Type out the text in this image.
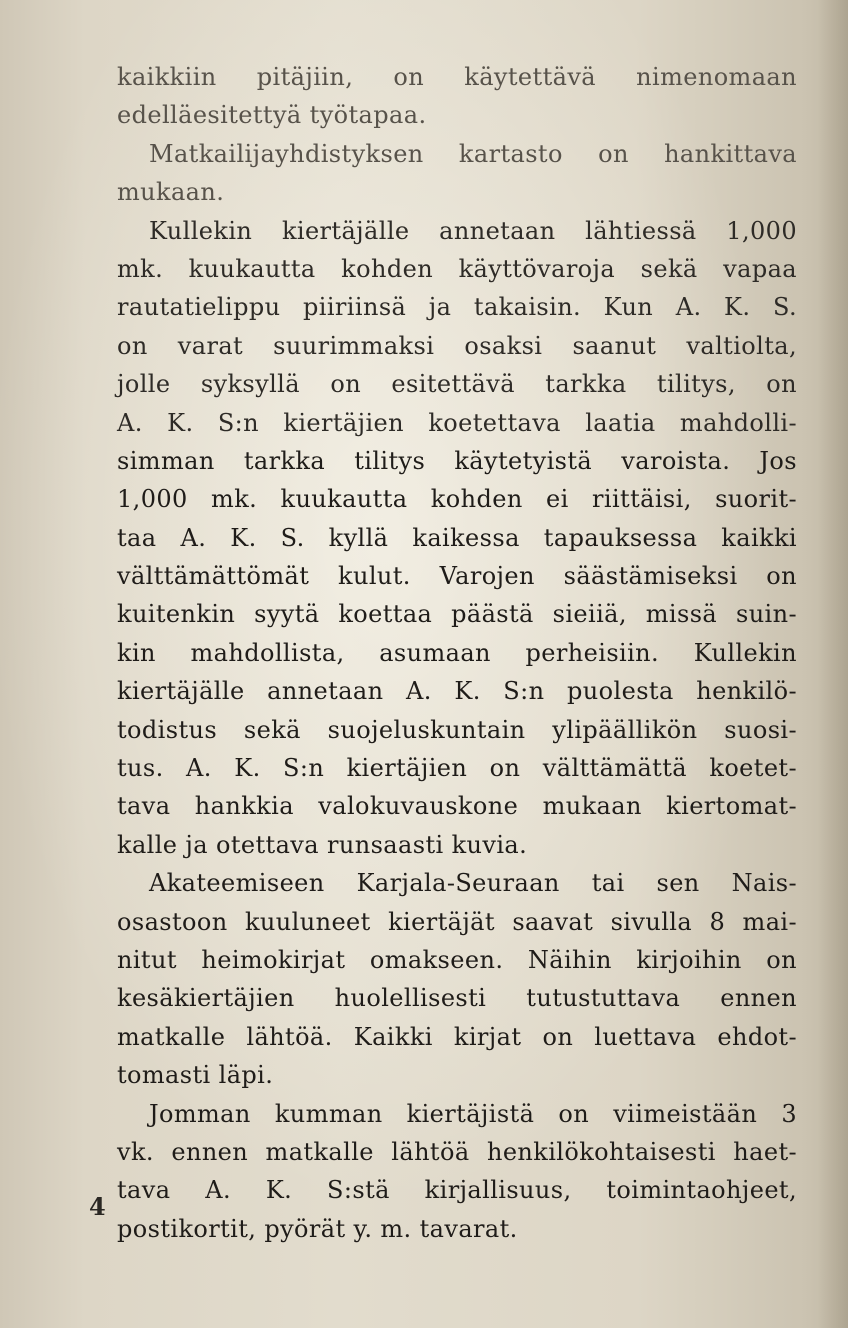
kaikkiin pitäjiin, on käytettävä nimenomaan
edelläesitettyä työtapaa.
Matkailijayhdistyksen kartasto on hankittava
mukaan.
Kullekin kiertäjälle annetaan lähtiessä 1,000
mk. kuukautta kohden käyttövaroja sekä vapaa
rautatielippu piiriinsä ja takaisin. Kun A. K. S.
on varat suurimmaksi osaksi saanut valtiolta,
jolle syksyllä on esitettävä tarkka tilitys, on
A. K. S:n kiertäjien koetettava laatia mahdolli-
simman tarkka tilitys käytetyistä varoista. Jos
1,000 mk. kuukautta kohden ei riittäisi, suorit-
taa A. K. S. kyllä kaikessa tapauksessa kaikki
välttämättömät kulut. Varojen säästämiseksi on
kuitenkin syytä koettaa päästä sieiiä, missä suin-
kin mahdollista, asumaan perheisiin. Kullekin
kiertäjälle annetaan A. K. S:n puolesta henkilö-
todistus sekä suojeluskuntain ylipäällikön suosi-
tus. A. K. S:n kiertäjien on välttämättä koetet-
tava hankkia valokuvauskone mukaan kiertomat-
kalle ja otettava runsaasti kuvia.
Akateemiseen Karjala-Seuraan tai sen Nais-
osastoon kuuluneet kiertäjät saavat sivulla 8 mai-
nitut heimokirjat omakseen. Näihin kirjoihin on
kesäkiertäjien huolellisesti tutustuttava ennen
matkalle lähtöä. Kaikki kirjat on luettava ehdot-
tomasti läpi.
Jomman kumman kiertäjistä on viimeistään 3
vk. ennen matkalle lähtöä henkilökohtaisesti haet-
tava A. K. S:stä kirjallisuus, toimintaohjeet,
postikortit, pyörät y. m. tavarat.
4
